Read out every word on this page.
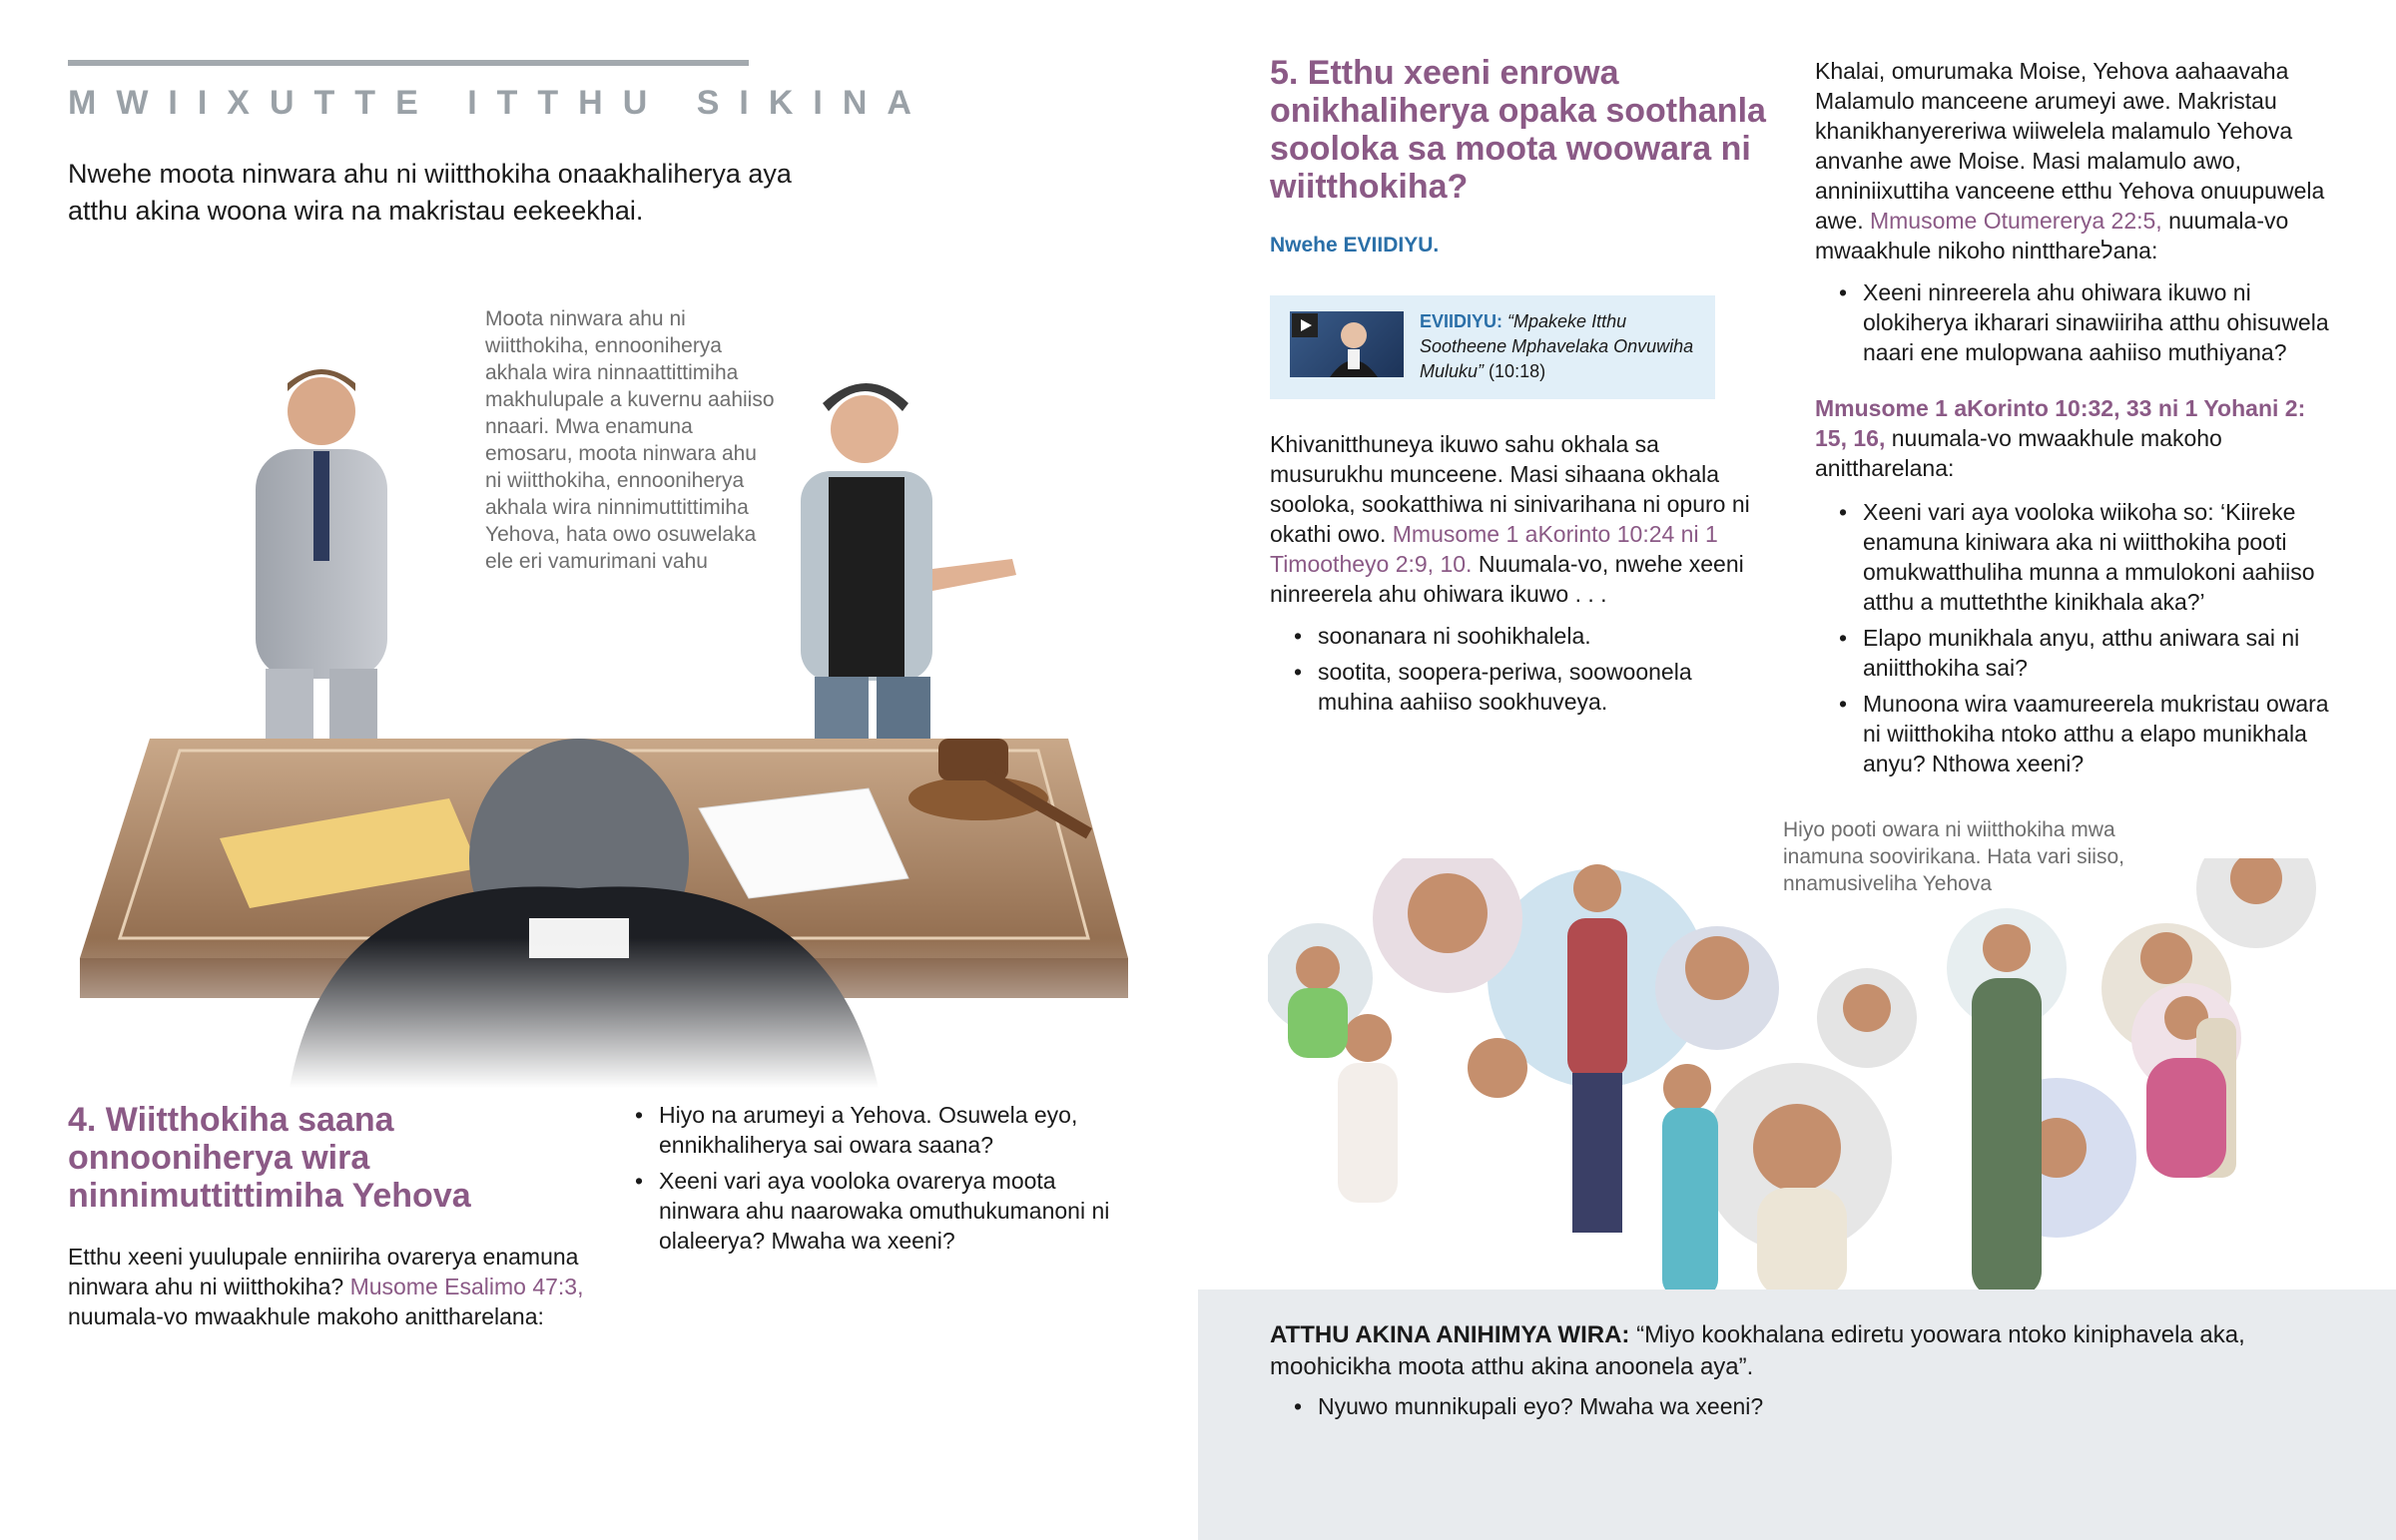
MWIIXUTTE ITTHU SIKINA
Nwehe moota ninwara ahu ni wiitthokiha onaakhaliherya aya atthu akina woona wira na makristau eekeekhai.
Moota ninwara ahu ni wiitthokiha, ennooniherya akhala wira ninnaattittimiha makhulupale a kuvernu aahiiso nnaari. Mwa enamuna emosaru, moota ninwara ahu ni wiitthokiha, ennooniherya akhala wira ninnimuttittimiha Yehova, hata owo osuwelaka ele eri vamurimani vahu
4. Wiitthokiha saana onnooniherya wira ninnimuttittimiha Yehova
Etthu xeeni yuulupale enniiriha ovarerya enamuna ninwara ahu ni wiitthokiha? Musome Esalimo 47:3, nuumala-vo mwaakhule makoho anittharelana:
• Hiyo na arumeyi a Yehova. Osuwela eyo, ennikhaliherya sai owara saana?
• Xeeni vari aya vooloka ovarerya moota ninwara ahu naarowaka omuthukumanoni ni olaleerya? Mwaha wa xeeni?
5. Etthu xeeni enrowa onikhaliherya opaka soothanla sooloka sa moota woowara ni wiitthokiha?
Nwehe EVIIDIYU.
EVIIDIYU: “Mpakeke Itthu Sootheene Mphavelaka Onvuwiha Muluku” (10:18)
Khivanitthuneya ikuwo sahu okhala sa musurukhu munceene. Masi sihaana okhala sooloka, sookatthiwa ni sinivarihana ni opuro ni okathi owo. Mmusome 1 aKorinto 10:24 ni 1 Timootheyo 2:9, 10. Nuumala-vo, nwehe xeeni ninreerela ahu ohiwara ikuwo . . .
• soonanara ni soohikhalela.
• sootita, soopera-periwa, soowoonela muhina aahiiso sookhuveya.
Khalai, omurumaka Moise, Yehova aahaavaha Malamulo manceene arumeyi awe. Makristau khanikhanyereriwa wiiwelela malamulo Yehova anvanhe awe Moise. Masi malamulo awo, anniniixuttiha vanceene etthu Yehova onuupuwela awe. Mmusome Otumererya 22:5, nuumala-vo mwaakhule nikoho nintthareלana:
• Xeeni ninreerela ahu ohiwara ikuwo ni olokiherya ikharari sinawiiriha atthu ohisuwela naari ene mulopwana aahiiso muthiyana?
Mmusome 1 aKorinto 10:32, 33 ni 1 Yohani 2: 15, 16, nuumala-vo mwaakhule makoho anittharelana:
• Xeeni vari aya vooloka wiikoha so: ‘Kiireke enamuna kiniwara aka ni wiitthokiha pooti omukwatthuliha munna a mmulokoni aahiiso atthu a mutteththe kinikhala aka?’
• Elapo munikhala anyu, atthu aniwara sai ni aniitthokiha sai?
• Munoona wira vaamureerela mukristau owara ni wiitthokiha ntoko atthu a elapo munikhala anyu? Nthowa xeeni?
Hiyo pooti owara ni wiitthokiha mwa inamuna soovirikana. Hata vari siiso, nnamusiveliha Yehova
ATTHU AKINA ANIHIMYA WIRA: “Miyo kookhalana ediretu yoowara ntoko kiniphavela aka, moohicikha moota atthu akina anoonela aya”.
• Nyuwo munnikupali eyo? Mwaha wa xeeni?
